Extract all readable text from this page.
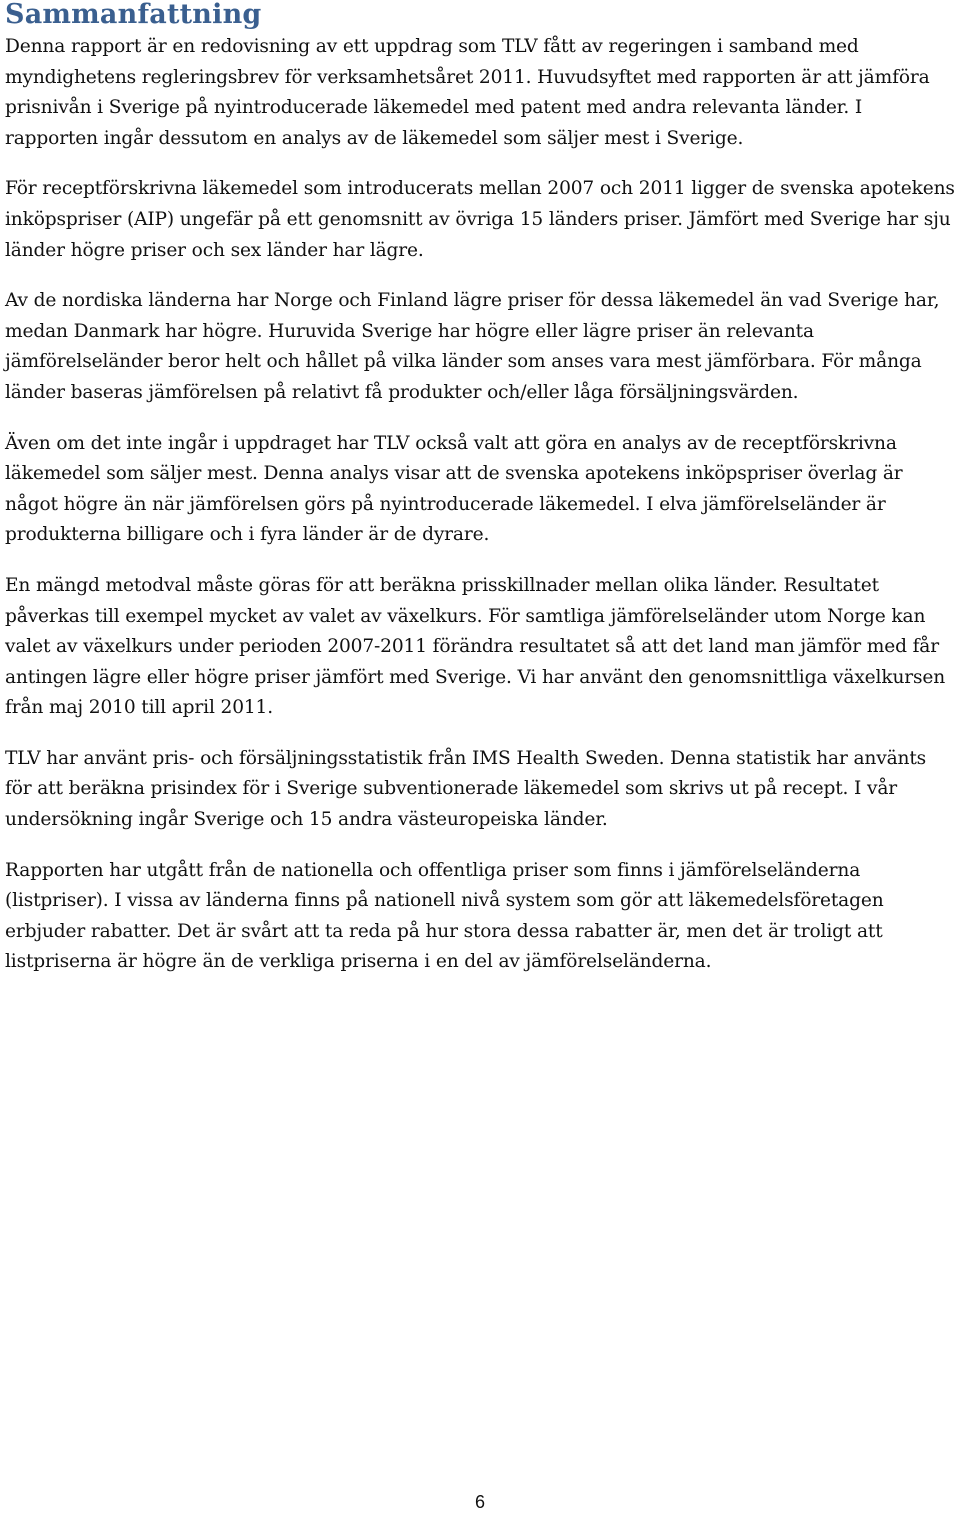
Sammanfattning

Denna rapport är en redovisning av ett uppdrag som TLV fått av regeringen i samband med myndighetens regleringsbrev för verksamhetsåret 2011. Huvudsyftet med rapporten är att jämföra prisnivån i Sverige på nyintroducerade läkemedel med patent med andra relevanta länder. I rapporten ingår dessutom en analys av de läkemedel som säljer mest i Sverige.

För receptförskrivna läkemedel som introducerats mellan 2007 och 2011 ligger de svenska apotekens inköpspriser (AIP) ungefär på ett genomsnitt av övriga 15 länders priser. Jämfört med Sverige har sju länder högre priser och sex länder har lägre.

Av de nordiska länderna har Norge och Finland lägre priser för dessa läkemedel än vad Sverige har, medan Danmark har högre. Huruvida Sverige har högre eller lägre priser än relevanta jämförelseländer beror helt och hållet på vilka länder som anses vara mest jämförbara. För många länder baseras jämförelsen på relativt få produkter och/eller låga försäljningsvärden.

Även om det inte ingår i uppdraget har TLV också valt att göra en analys av de receptförskrivna läkemedel som säljer mest. Denna analys visar att de svenska apotekens inköpspriser överlag är något högre än när jämförelsen görs på nyintroducerade läkemedel. I elva jämförelseländer är produkterna billigare och i fyra länder är de dyrare.

En mängd metodval måste göras för att beräkna prisskillnader mellan olika länder. Resultatet påverkas till exempel mycket av valet av växelkurs. För samtliga jämförelseländer utom Norge kan valet av växelkurs under perioden 2007-2011 förändra resultatet så att det land man jämför med får antingen lägre eller högre priser jämfört med Sverige. Vi har använt den genomsnittliga växelkursen från maj 2010 till april 2011.

TLV har använt pris- och försäljningsstatistik från IMS Health Sweden. Denna statistik har använts för att beräkna prisindex för i Sverige subventionerade läkemedel som skrivs ut på recept. I vår undersökning ingår Sverige och 15 andra västeuropeiska länder.

Rapporten har utgått från de nationella och offentliga priser som finns i jämförelseländerna (listpriser). I vissa av länderna finns på nationell nivå system som gör att läkemedelsföretagen erbjuder rabatter. Det är svårt att ta reda på hur stora dessa rabatter är, men det är troligt att listpriserna är högre än de verkliga priserna i en del av jämförelseländerna.

6
